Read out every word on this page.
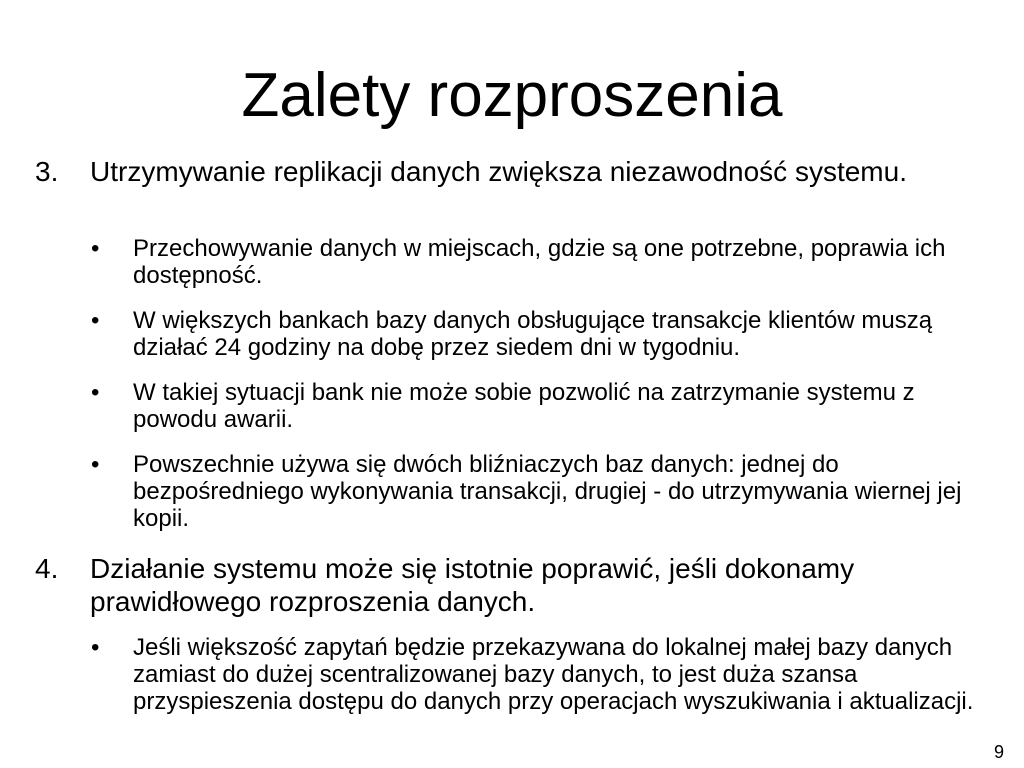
Zalety rozproszenia
3. Utrzymywanie replikacji danych zwiększa niezawodność systemu.
• Przechowywanie danych w miejscach, gdzie są one potrzebne, poprawia ich dostępność.
• W większych bankach bazy danych obsługujące transakcje klientów muszą działać 24 godziny na dobę przez siedem dni w tygodniu.
• W takiej sytuacji bank nie może sobie pozwolić na zatrzymanie systemu z powodu awarii.
• Powszechnie używa się dwóch bliźniaczych baz danych: jednej do bezpośredniego wykonywania transakcji, drugiej - do utrzymywania wiernej jej kopii.
4. Działanie systemu może się istotnie poprawić, jeśli dokonamy prawidłowego rozproszenia danych.
• Jeśli większość zapytań będzie przekazywana do lokalnej małej bazy danych zamiast do dużej scentralizowanej bazy danych, to jest duża szansa przyspieszenia dostępu do danych przy operacjach wyszukiwania i aktualizacji.
9
